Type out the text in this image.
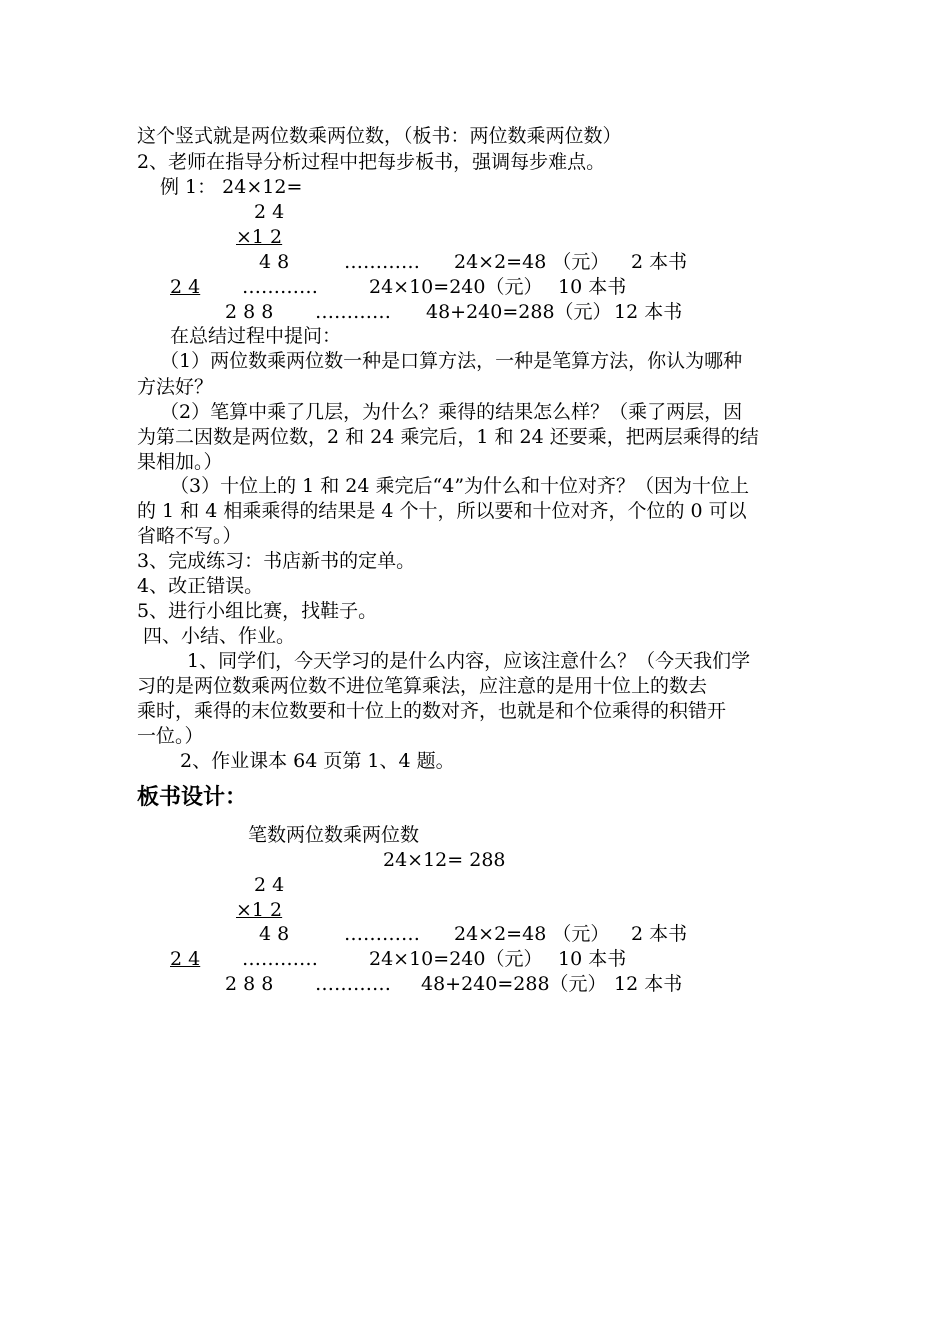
这个竖式就是两位数乘两位数，（板书：两位数乘两位数）
2、老师在指导分析过程中把每步板书，强调每步难点。
例 1： 24×12=
2 4
×1 2
4 8	………… 24×2=48 （元） 2 本书
2 4	…………	24×10=240（元） 10 本书
2 8 8 ………… 48+240=288（元） 12 本书
在总结过程中提问：
（1）两位数乘两位数一种是口算方法，一种是笔算方法，你认为哪种
方法好？
（2）笔算中乘了几层，为什么？乘得的结果怎么样？（乘了两层，因
为第二因数是两位数，2 和 24 乘完后，1 和 24 还要乘，把两层乘得的结
果相加。）
（3）十位上的 1 和 24 乘完后“4”为什么和十位对齐？（因为十位上
的 1 和 4 相乘乘得的结果是 4 个十，所以要和十位对齐，个位的 0 可以
省略不写。）
3、完成练习：书店新书的定单。
4、改正错误。
5、进行小组比赛，找鞋子。
四、小结、作业。
1、同学们，今天学习的是什么内容，应该注意什么？（今天我们学
习的是两位数乘两位数不进位笔算乘法，应注意的是用十位上的数去
乘时，乘得的末位数要和十位上的数对齐，也就是和个位乘得的积错开
一位。）
2、作业课本 64 页第 1、4 题。
板书设计：
笔数两位数乘两位数
24×12= 288
2 4
×1 2
4 8	………… 24×2=48 （元） 2 本书
2 4	…………	24×10=240（元） 10 本书
2 8 8 ………… 48+240=288（元） 12 本书
